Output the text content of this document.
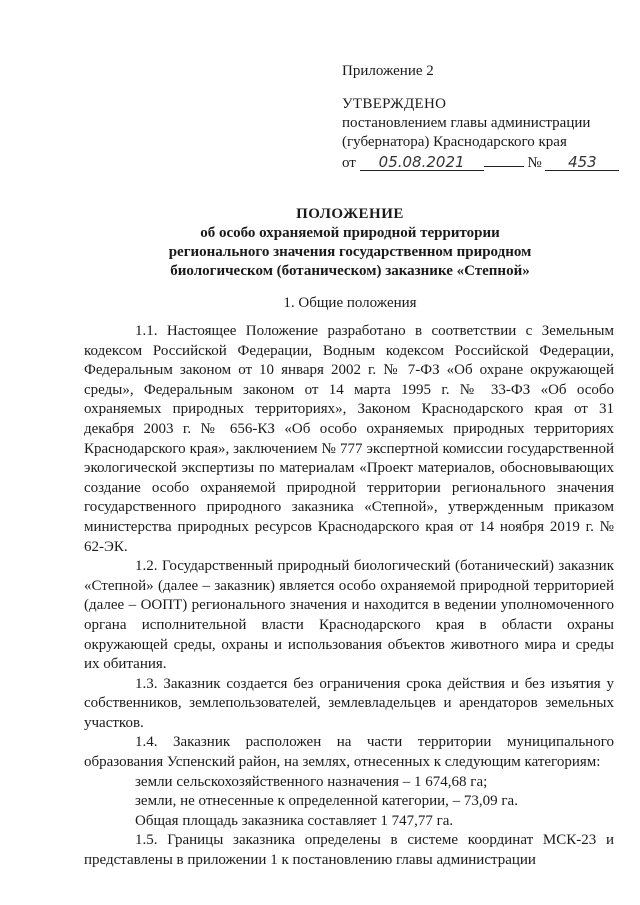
Приложение 2
УТВЕРЖДЕНО
постановлением главы администрации
(губернатора) Краснодарского края
от 05.08.2021	№ 453
ПОЛОЖЕНИЕ
об особо охраняемой природной территории
регионального значения государственном природном
биологическом (ботаническом) заказнике «Степной»
1. Общие положения

1.1. Настоящее Положение разработано в соответствии с Земельным кодексом Российской Федерации, Водным кодексом Российской Федерации, Федеральным законом от 10 января 2002 г. № 7-ФЗ «Об охране окружающей среды», Федеральным законом от 14 марта 1995 г. № 33-ФЗ «Об особо охраняемых природных территориях», Законом Краснодарского края от 31 декабря 2003 г. № 656-КЗ «Об особо охраняемых природных территориях Краснодарского края», заключением № 777 экспертной комиссии государственной экологической экспертизы по материалам «Проект материалов, обосновывающих создание особо охраняемой природной территории регионального значения государственного природного заказника «Степной», утвержденным приказом министерства природных ресурсов Краснодарского края от 14 ноября 2019 г. № 62-ЭК.

1.2. Государственный природный биологический (ботанический) заказник «Степной» (далее – заказник) является особо охраняемой природной территорией (далее – ООПТ) регионального значения и находится в ведении уполномоченного органа исполнительной власти Краснодарского края в области охраны окружающей среды, охраны и использования объектов животного мира и среды их обитания.

1.3. Заказник создается без ограничения срока действия и без изъятия у собственников, землепользователей, землевладельцев и арендаторов земельных участков.

1.4. Заказник расположен на части территории муниципального образования Успенский район, на землях, отнесенных к следующим категориям:

земли сельскохозяйственного назначения – 1 674,68 га;

земли, не отнесенные к определенной категории, – 73,09 га.

Общая площадь заказника составляет 1 747,77 га.

1.5. Границы заказника определены в системе координат МСК-23 и представлены в приложении 1 к постановлению главы администрации
